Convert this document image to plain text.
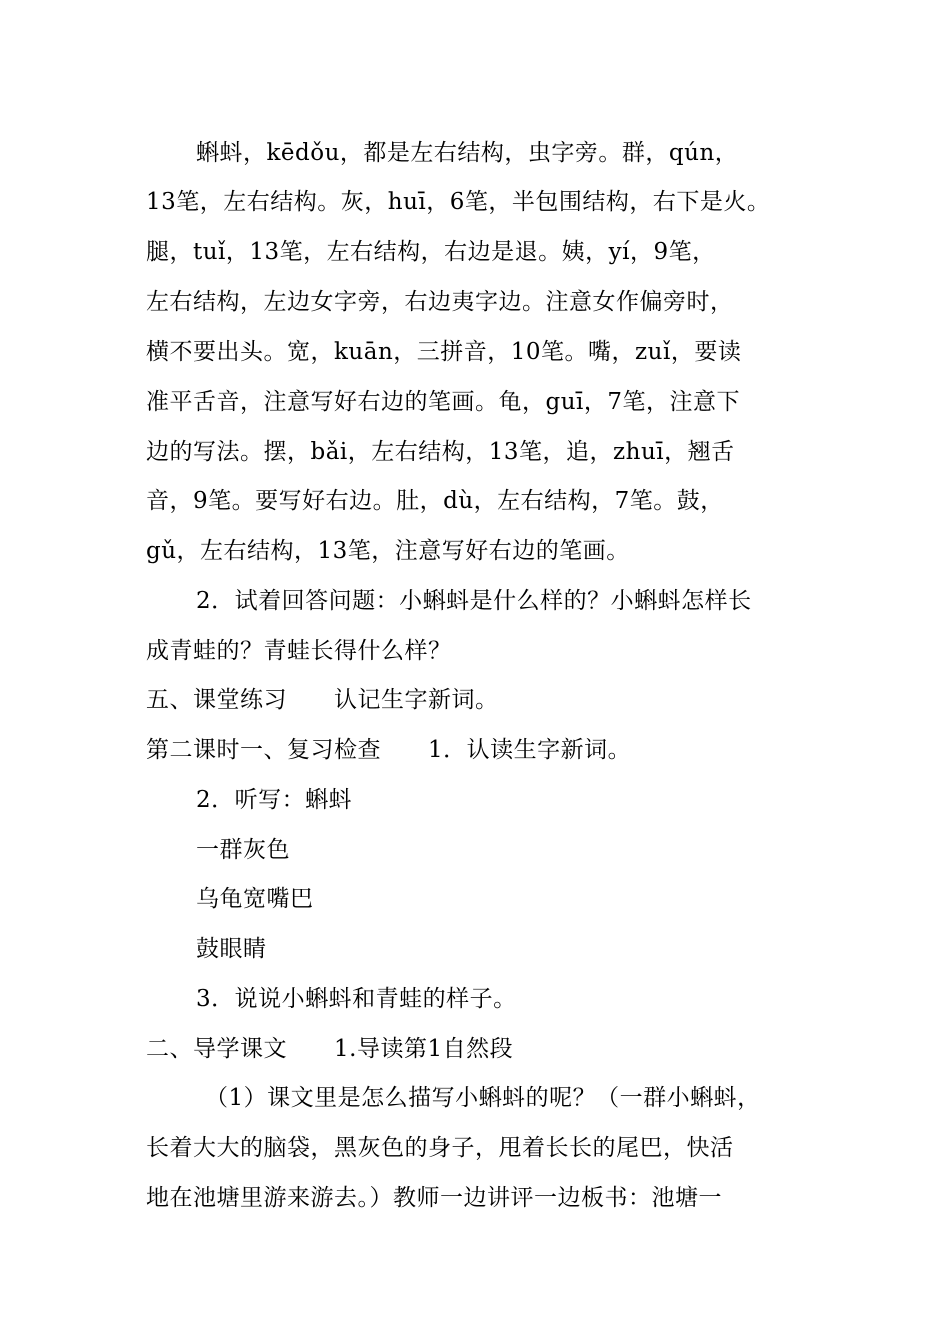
蝌蚪，kēdǒu，都是左右结构，虫字旁。群，qún，
13笔，左右结构。灰，huī，6笔，半包围结构，右下是火。
腿，tuǐ，13笔，左右结构，右边是退。姨，yí，9笔，
左右结构，左边女字旁，右边夷字边。注意女作偏旁时，
横不要出头。宽，kuān，三拼音，10笔。嘴，zuǐ，要读
准平舌音，注意写好右边的笔画。龟，guī，7笔，注意下
边的写法。摆，bǎi，左右结构，13笔，追，zhuī，翘舌
音，9笔。要写好右边。肚，dù，左右结构，7笔。鼓，
gǔ，左右结构，13笔，注意写好右边的笔画。
2．试着回答问题：小蝌蚪是什么样的？小蝌蚪怎样长
成青蛙的？青蛙长得什么样？
五、课堂练习　　认记生字新词。
第二课时一、复习检查　　1．认读生字新词。
2．听写：蝌蚪
一群灰色
乌龟宽嘴巴
鼓眼睛
3．说说小蝌蚪和青蛙的样子。
二、导学课文　　1.导读第1自然段
（1）课文里是怎么描写小蝌蚪的呢？（一群小蝌蚪，
长着大大的脑袋，黑灰色的身子，甩着长长的尾巴，快活
地在池塘里游来游去。）教师一边讲评一边板书：池塘一
